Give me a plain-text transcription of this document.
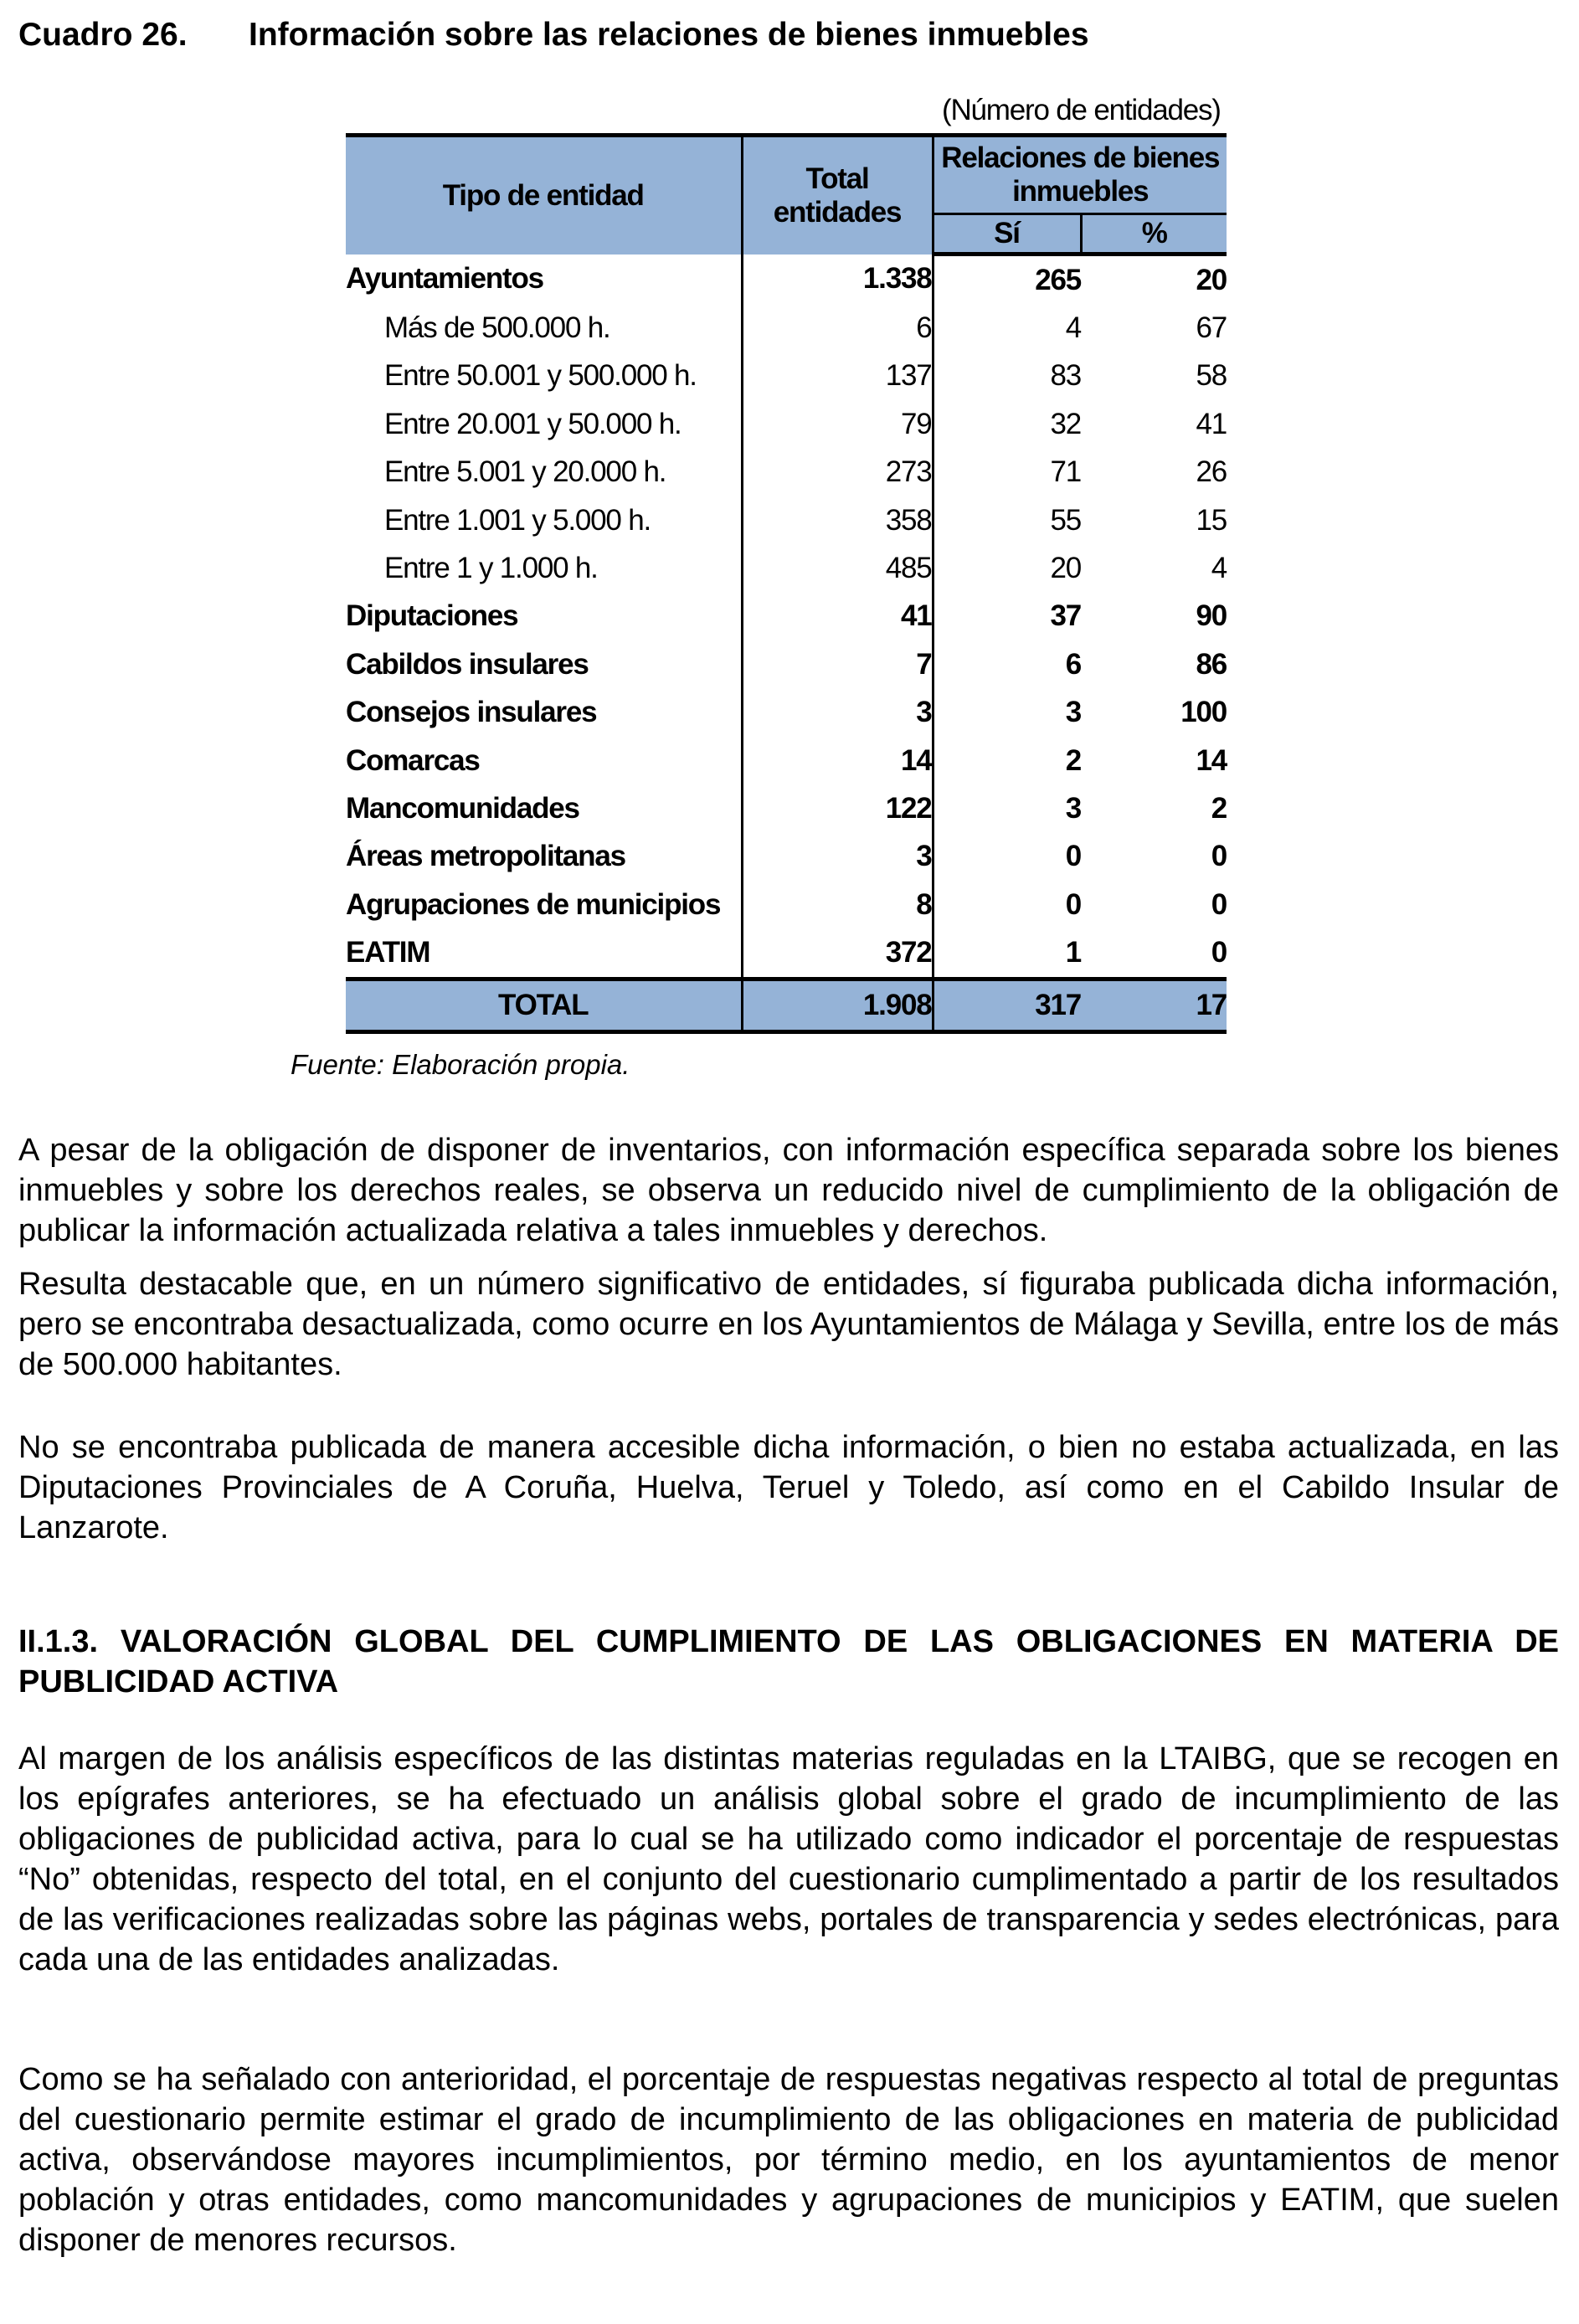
Cuadro 26. Información sobre las relaciones de bienes inmuebles
(Número de entidades)
Tipo de entidad	Total entidades	Relaciones de bienes inmuebles	
		Sí	%
Ayuntamientos	1.338	265	20
Más de 500.000 h.	6	4	67
Entre 50.001 y 500.000 h.	137	83	58
Entre 20.001 y 50.000 h.	79	32	41
Entre 5.001 y 20.000 h.	273	71	26
Entre 1.001 y 5.000 h.	358	55	15
Entre 1 y 1.000 h.	485	20	4
Diputaciones	41	37	90
Cabildos insulares	7	6	86
Consejos insulares	3	3	100
Comarcas	14	2	14
Mancomunidades	122	3	2
Áreas metropolitanas	3	0	0
Agrupaciones de municipios	8	0	0
EATIM	372	1	0
TOTAL	1.908	317	17
Fuente: Elaboración propia.

A pesar de la obligación de disponer de inventarios, con información específica separada sobre los bienes inmuebles y sobre los derechos reales, se observa un reducido nivel de cumplimiento de la obligación de publicar la información actualizada relativa a tales inmuebles y derechos.

Resulta destacable que, en un número significativo de entidades, sí figuraba publicada dicha información, pero se encontraba desactualizada, como ocurre en los Ayuntamientos de Málaga y Sevilla, entre los de más de 500.000 habitantes.

No se encontraba publicada de manera accesible dicha información, o bien no estaba actualizada, en las Diputaciones Provinciales de A Coruña, Huelva, Teruel y Toledo, así como en el Cabildo Insular de Lanzarote.

II.1.3. VALORACIÓN GLOBAL DEL CUMPLIMIENTO DE LAS OBLIGACIONES EN MATERIA DE PUBLICIDAD ACTIVA

Al margen de los análisis específicos de las distintas materias reguladas en la LTAIBG, que se recogen en los epígrafes anteriores, se ha efectuado un análisis global sobre el grado de incumplimiento de las obligaciones de publicidad activa, para lo cual se ha utilizado como indicador el porcentaje de respuestas “No” obtenidas, respecto del total, en el conjunto del cuestionario cumplimentado a partir de los resultados de las verificaciones realizadas sobre las páginas webs, portales de transparencia y sedes electrónicas, para cada una de las entidades analizadas.

Como se ha señalado con anterioridad, el porcentaje de respuestas negativas respecto al total de preguntas del cuestionario permite estimar el grado de incumplimiento de las obligaciones en materia de publicidad activa, observándose mayores incumplimientos, por término medio, en los ayuntamientos de menor población y otras entidades, como mancomunidades y agrupaciones de municipios y EATIM, que suelen disponer de menores recursos.
